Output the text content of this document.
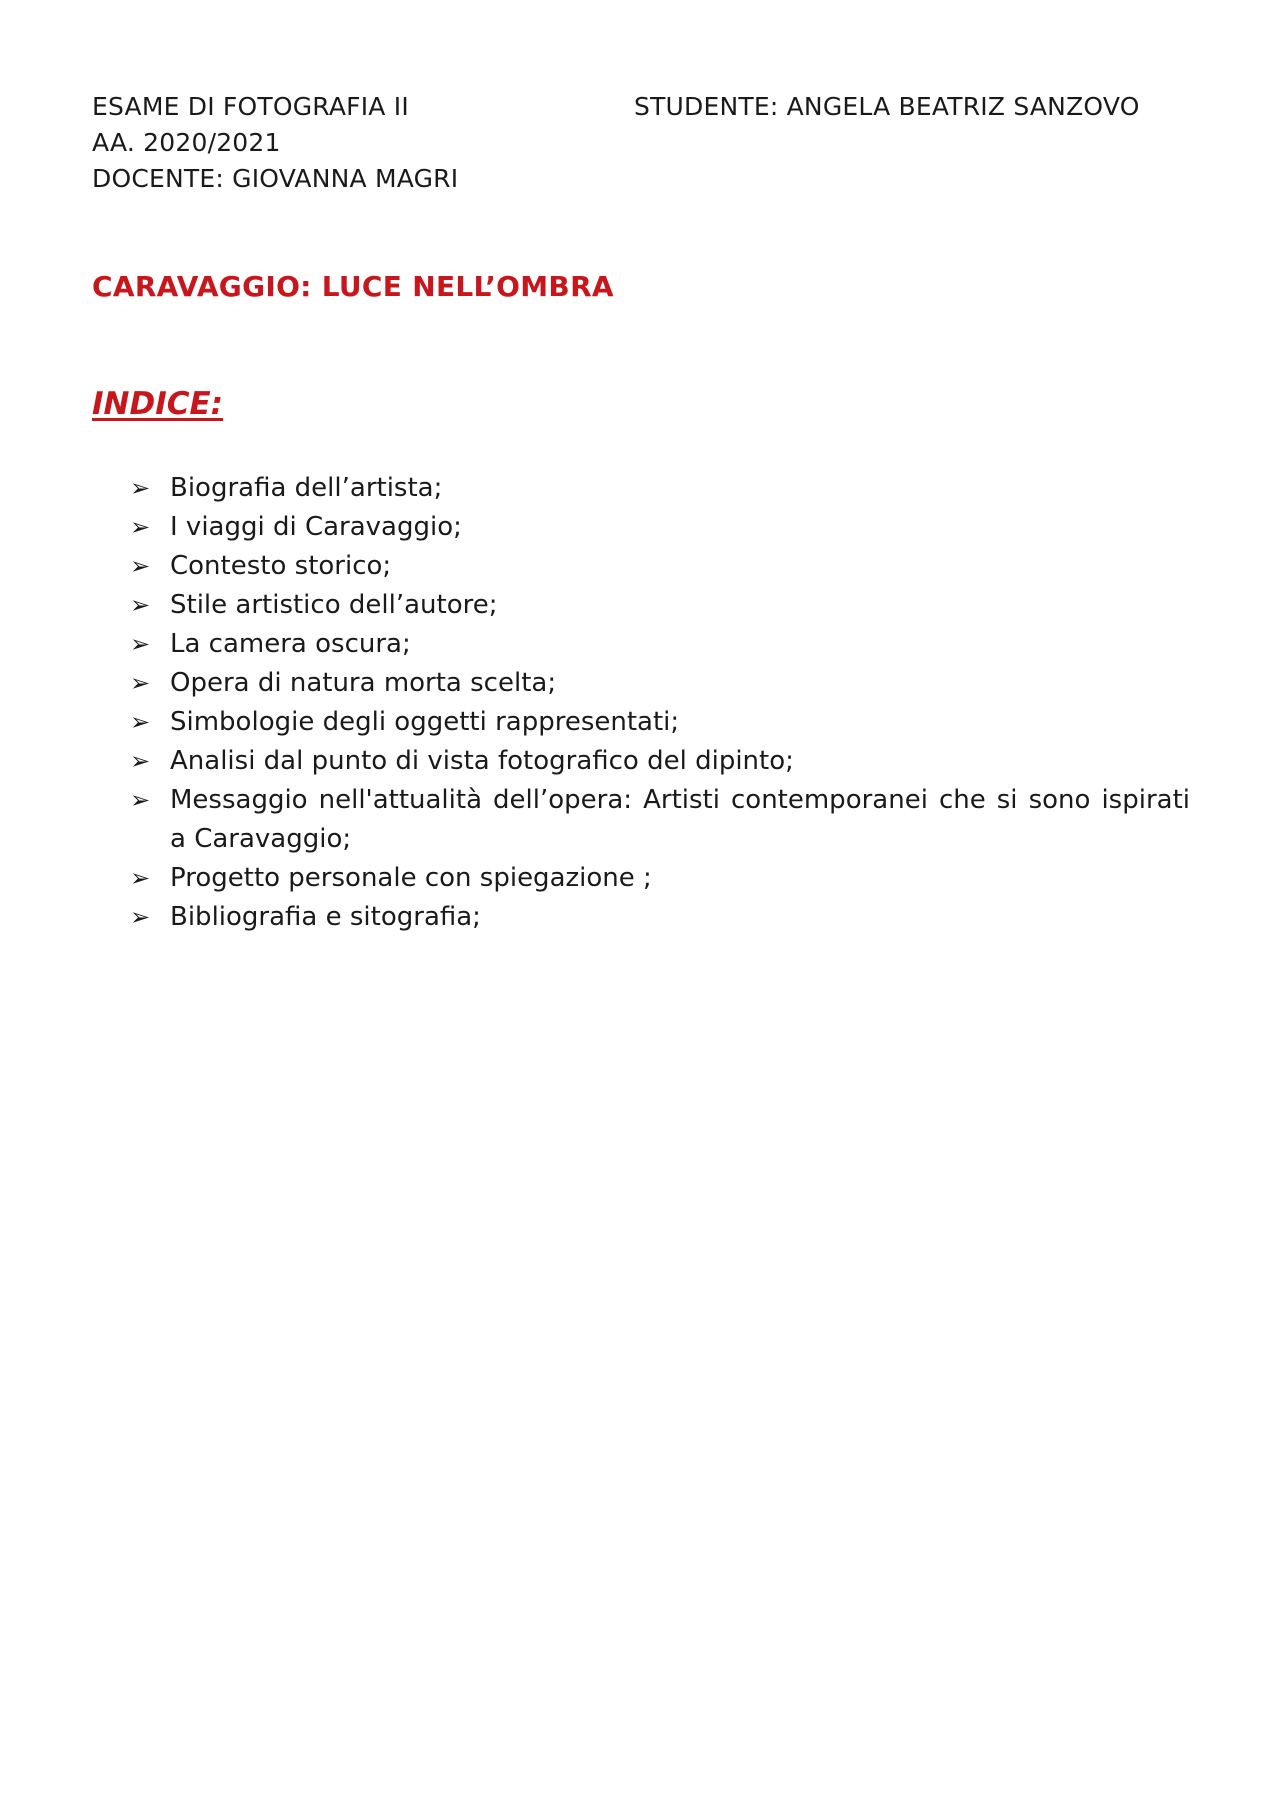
ESAME DI FOTOGRAFIA II
AA. 2020/2021
DOCENTE: GIOVANNA MAGRI
STUDENTE: ANGELA BEATRIZ SANZOVO
CARAVAGGIO: LUCE NELL’OMBRA
INDICE:
➢ Biografia dell’artista;
➢ I viaggi di Caravaggio;
➢ Contesto storico;
➢ Stile artistico dell’autore;
➢ La camera oscura;
➢ Opera di natura morta scelta;
➢ Simbologie degli oggetti rappresentati;
➢ Analisi dal punto di vista fotografico del dipinto;
➢ Messaggio nell'attualità dell’opera: Artisti contemporanei che si sono ispirati a Caravaggio;
➢ Progetto personale con spiegazione ;
➢ Bibliografia e sitografia;
